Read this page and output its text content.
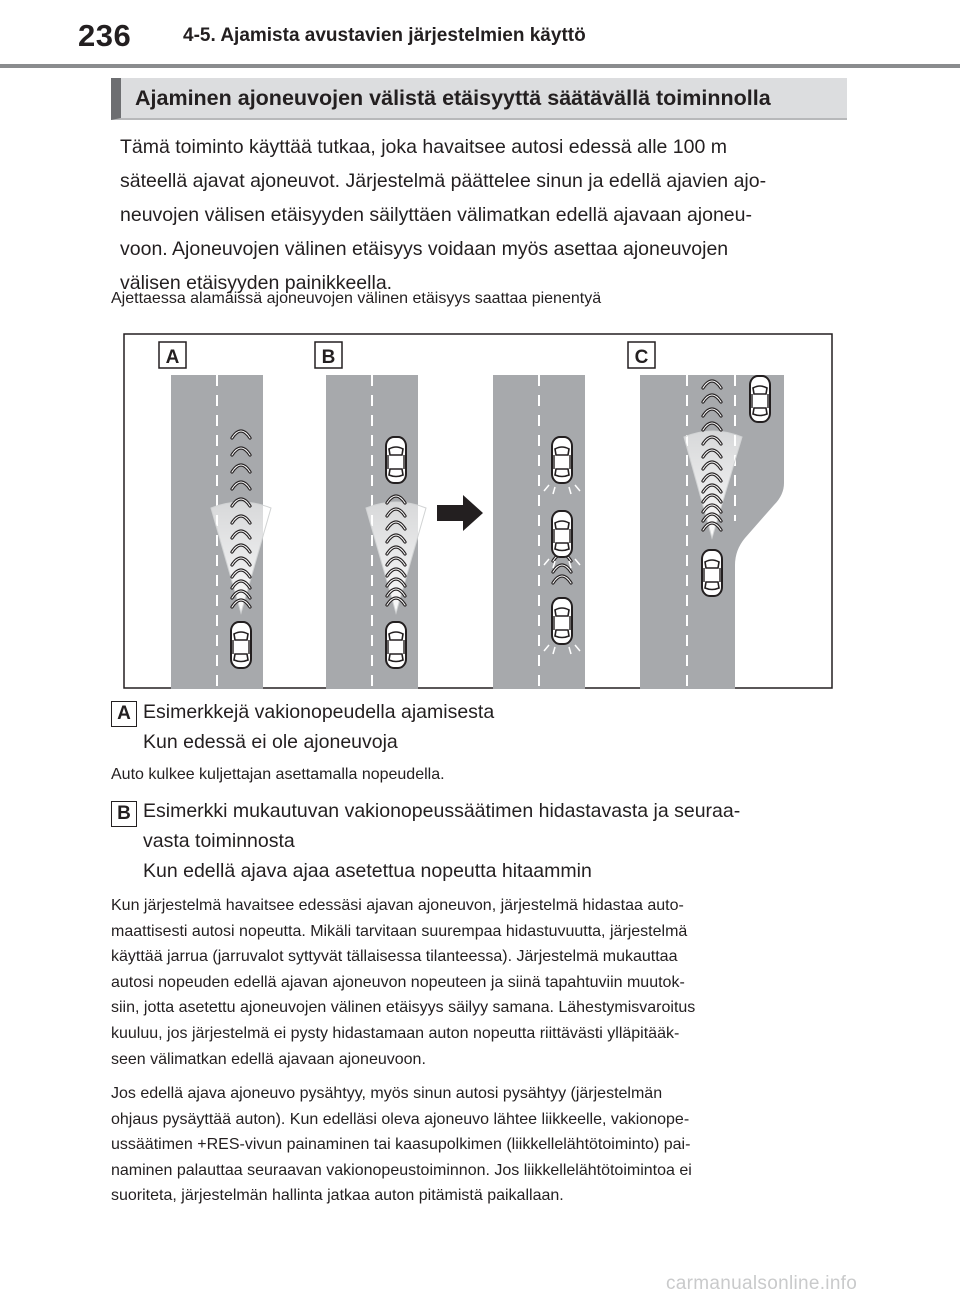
236	4-5. Ajamista avustavien järjestelmien käyttö
Ajaminen ajoneuvojen välistä etäisyyttä säätävällä toiminnolla

Tämä toiminto käyttää tutkaa, joka havaitsee autosi edessä alle 100 m
säteellä ajavat ajoneuvot. Järjestelmä päättelee sinun ja edellä ajavien ajo-
neuvojen välisen etäisyyden säilyttäen välimatkan edellä ajavaan ajoneu-
voon. Ajoneuvojen välinen etäisyys voidaan myös asettaa ajoneuvojen
välisen etäisyyden painikkeella.

Ajettaessa alamäissä ajoneuvojen välinen etäisyys saattaa pienentyä

A	B	C
A Esimerkkejä vakionopeudella ajamisesta
Kun edessä ei ole ajoneuvoja

Auto kulkee kuljettajan asettamalla nopeudella.

B Esimerkki mukautuvan vakionopeussäätimen hidastavasta ja seuraa-
vasta toiminnosta
Kun edellä ajava ajaa asetettua nopeutta hitaammin

Kun järjestelmä havaitsee edessäsi ajavan ajoneuvon, järjestelmä hidastaa auto-
maattisesti autosi nopeutta. Mikäli tarvitaan suurempaa hidastuvuutta, järjestelmä
käyttää jarrua (jarruvalot syttyvät tällaisessa tilanteessa). Järjestelmä mukauttaa
autosi nopeuden edellä ajavan ajoneuvon nopeuteen ja siinä tapahtuviin muutok-
siin, jotta asetettu ajoneuvojen välinen etäisyys säilyy samana. Lähestymisvaroitus
kuuluu, jos järjestelmä ei pysty hidastamaan auton nopeutta riittävästi ylläpitääk-
seen välimatkan edellä ajavaan ajoneuvoon.

Jos edellä ajava ajoneuvo pysähtyy, myös sinun autosi pysähtyy (järjestelmän
ohjaus pysäyttää auton). Kun edelläsi oleva ajoneuvo lähtee liikkeelle, vakionope-
ussäätimen +RES-vivun painaminen tai kaasupolkimen (liikkellelähtötoiminto) pai-
naminen palauttaa seuraavan vakionopeustoiminnon. Jos liikkellelähtötoimintoa ei
suoriteta, järjestelmän hallinta jatkaa auton pitämistä paikallaan.

carmanualsonline.info
